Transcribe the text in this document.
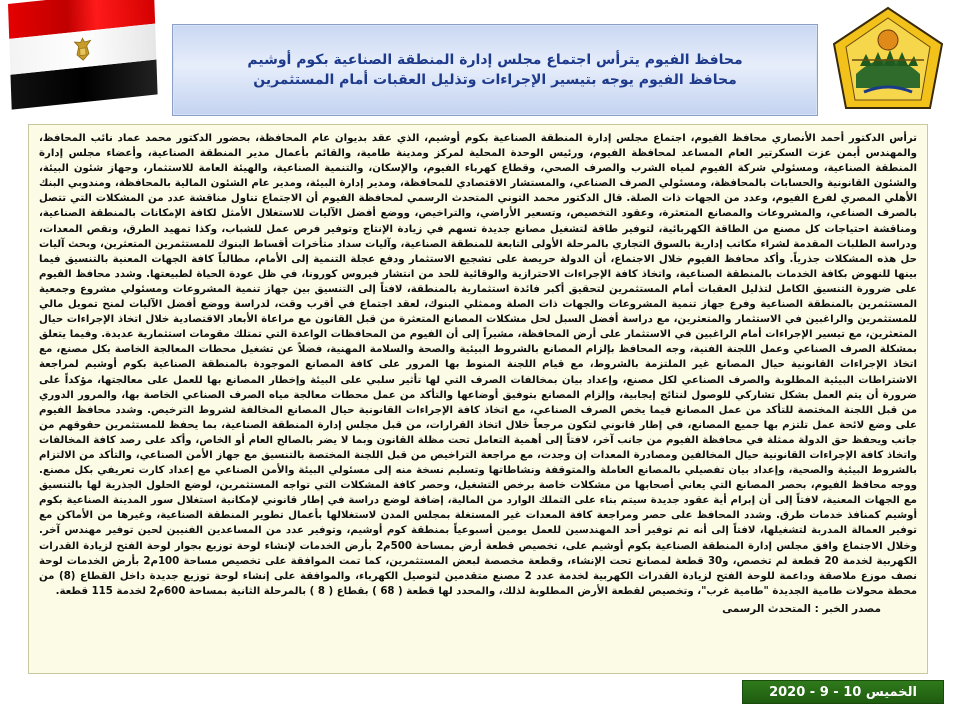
محافظ الفيوم يترأس اجتماع مجلس إدارة المنطقة الصناعية بكوم أوشيم
محافظ الفيوم يوجه بتيسير الإجراءات وتذليل العقبات أمام المستثمرين

ترأس الدكتور أحمد الأنصاري محافظ الفيوم، اجتماع مجلس إدارة المنطقة الصناعية بكوم أوشيم، الذي عقد بديوان عام المحافظة، بحضور الدكتور محمد عماد نائب المحافظ، والمهندس أيمن عزت السكرتير العام المساعد لمحافظة الفيوم، ورئيس الوحدة المحلية لمركز ومدينة طامية، والقائم بأعمال مدير المنطقة الصناعية، وأعضاء مجلس إدارة المنطقة الصناعية، ومسئولي شركة الفيوم لمياه الشرب والصرف الصحي، وقطاع كهرباء الفيوم، والإسكان، والتنمية الصناعية، والهيئة العامة للاستثمار، وجهاز شئون البيئة، والشئون القانونية والحسابات بالمحافظة، ومسئولي الصرف الصناعي، والمستشار الاقتصادي للمحافظة، ومدير إدارة البيئة، ومدير عام الشئون المالية بالمحافظة، ومندوبي البنك الأهلي المصري لفرع الفيوم، وعدد من الجهات ذات الصلة. قال الدكتور محمد التوني المتحدث الرسمي لمحافظة الفيوم أن الاجتماع تناول مناقشة عدد من المشكلات التي تتصل بالصرف الصناعي، والمشروعات والمصانع المتعثرة، وعقود التخصيص، وتسعير الأراضي، والتراخيص، ووضع أفضل الآليات للاستغلال الأمثل لكافة الإمكانات بالمنطقة الصناعية، ومناقشة احتياجات كل مصنع من الطاقة الكهربائية، لتوفير طاقة لتشغيل مصانع جديدة تسهم في زيادة الإنتاج وتوفير فرص عمل للشباب، وكذا تمهيد الطرق، ونقص المعدات، ودراسة الطلبات المقدمة لشراء مكاتب إدارية بالسوق التجاري بالمرحلة الأولى التابعة للمنطقة الصناعية، وآليات سداد متأخرات أقساط البنوك للمستثمرين المتعثرين، وبحث آليات حل هذه المشكلات جذرياً. وأكد محافظ الفيوم خلال الاجتماع، أن الدولة حريصة على تشجيع الاستثمار ودفع عجلة التنمية إلى الأمام، مطالباً كافة الجهات المعنية بالتنسيق فيما بينها للنهوض بكافة الخدمات بالمنطقة الصناعية، واتخاذ كافة الإجراءات الاحترازية والوقائية للحد من انتشار فيروس كورونا، في ظل عودة الحياة لطبيعتها. وشدد محافظ الفيوم على ضرورة التنسيق الكامل لتذليل العقبات أمام المستثمرين لتحقيق أكبر فائدة استثمارية بالمنطقة، لافتاً إلى التنسيق بين جهاز تنمية المشروعات ومسئولي مشروع وجمعية المستثمرين بالمنطقة الصناعية وفرع جهاز تنمية المشروعات والجهات ذات الصلة وممثلي البنوك، لعقد اجتماع في أقرب وقت، لدراسة ووضع أفضل الآليات لمنح تمويل مالي للمستثمرين والراغبين في الاستثمار والمتعثرين، مع دراسة أفضل السبل لحل مشكلات المصانع المتعثرة من قبل القانون مع مراعاة الأبعاد الاقتصادية خلال اتخاذ الإجراءات حيال المتعثرين، مع تيسير الإجراءات أمام الراغبين في الاستثمار على أرض المحافظة، مشيراً إلى أن الفيوم من المحافظات الواعدة التي تمتلك مقومات استثمارية عديدة. وفيما يتعلق بمشكلة الصرف الصناعي وعمل اللجنة الفنية، وجه المحافظ بإلزام المصانع بالشروط البيئية والصحة والسلامة المهنية، فضلاً عن تشغيل محطات المعالجة الخاصة بكل مصنع، مع اتخاذ الإجراءات القانونية حيال المصانع غير الملتزمة بالشروط، مع قيام اللجنة المنوط بها المرور على كافة المصانع الموجودة بالمنطقة الصناعية بكوم أوشيم لمراجعة الاشتراطات البيئية المطلوبة والصرف الصناعي لكل مصنع، وإعداد بيان بمخالفات الصرف التي لها تأثير سلبي على البيئة وإخطار المصانع بها للعمل على معالجتها، مؤكداً على ضرورة أن يتم العمل بشكل تشاركي للوصول لنتائج إيجابية، وإلزام المصانع بتوفيق أوضاعها والتأكد من عمل محطات معالجة مياه الصرف الصناعي الخاصة بها، والمرور الدوري من قبل اللجنة المختصة للتأكد من عمل المصانع فيما يخص الصرف الصناعي، مع اتخاذ كافة الإجراءات القانونية حيال المصانع المخالفة لشروط الترخيص. وشدد محافظ الفيوم على وضع لائحة عمل تلتزم بها جميع المصانع، في إطار قانوني لتكون مرجعاً خلال اتخاذ القرارات، من قبل مجلس إدارة المنطقة الصناعية، بما يحفظ للمستثمرين حقوقهم من جانب ويحفظ حق الدولة ممثلة في محافظة الفيوم من جانب آخر، لافتاً إلى أهمية التعامل تحت مظلة القانون وبما لا يضر بالصالح العام أو الخاص، وأكد على رصد كافة المخالفات واتخاذ كافة الإجراءات القانونية حيال المخالفين ومصادرة المعدات إن وجدت، مع مراجعة التراخيص من قبل اللجنة المختصة بالتنسيق مع جهاز الأمن الصناعي، والتأكد من الالتزام بالشروط البيئية والصحية، وإعداد بيان تفصيلي بالمصانع العاملة والمتوقفة ونشاطاتها وتسليم نسخة منه إلى مسئولي البيئة والأمن الصناعي مع إعداد كارت تعريفي بكل مصنع. ووجه محافظ الفيوم، بحصر المصانع التي يعاني أصحابها من مشكلات خاصة برخص التشغيل، وحصر كافة المشكلات التي تواجه المستثمرين، لوضع الحلول الجذرية لها بالتنسيق مع الجهات المعنية، لافتاً إلى أن إبرام أية عقود جديدة سيتم بناء على التملك الوارد من المالية، إضافة لوضع دراسة في إطار قانوني لإمكانية استغلال سور المدينة الصناعية بكوم أوشيم كمنافذ خدمات طرق. وشدد المحافظ على حصر ومراجعة كافة المعدات غير المستغلة بمجلس المدن لاستغلالها بأعمال تطوير المنطقة الصناعية، وغيرها من الأماكن مع توفير العمالة المدربة لتشغيلها، لافتاً إلى أنه تم توفير أحد المهندسين للعمل يومين أسبوعياً بمنطقة كوم أوشيم، وتوفير عدد من المساعدين الفنيين لحين توفير مهندس آخر. وخلال الاجتماع وافق مجلس إدارة المنطقة الصناعية بكوم أوشيم على، تخصيص قطعة أرض بمساحة 500م2 بأرض الخدمات لإنشاء لوحة توزيع بجوار لوحة الفتح لزيادة القدرات الكهربية لخدمة 20 قطعة لم تخصص، و30 قطعة لمصانع تحت الإنشاء، وقطعة مخصصة لبعض المستثمرين، كما تمت الموافقة على تخصيص مساحة 100م2 بأرض الخدمات لوحة نصف موزع ملاصقة وداعمة للوحة الفتح لزيادة القدرات الكهربية لخدمة عدد 2 مصنع متقدمين لتوصيل الكهرباء، والموافقة على إنشاء لوحة توزيع جديدة داخل القطاع (8) من محطة محولات طامية الجديدة "طامية غرب"، وتخصيص لقطعة الأرض المطلوبة لذلك، والمحدد لها قطعة ( 68 ) بقطاع ( 8 ) بالمرحلة الثانية بمساحة 600م2 لخدمة 115 قطعة.

مصدر الخبر : المتحدث الرسمى
الخميس 10 - 9 - 2020
